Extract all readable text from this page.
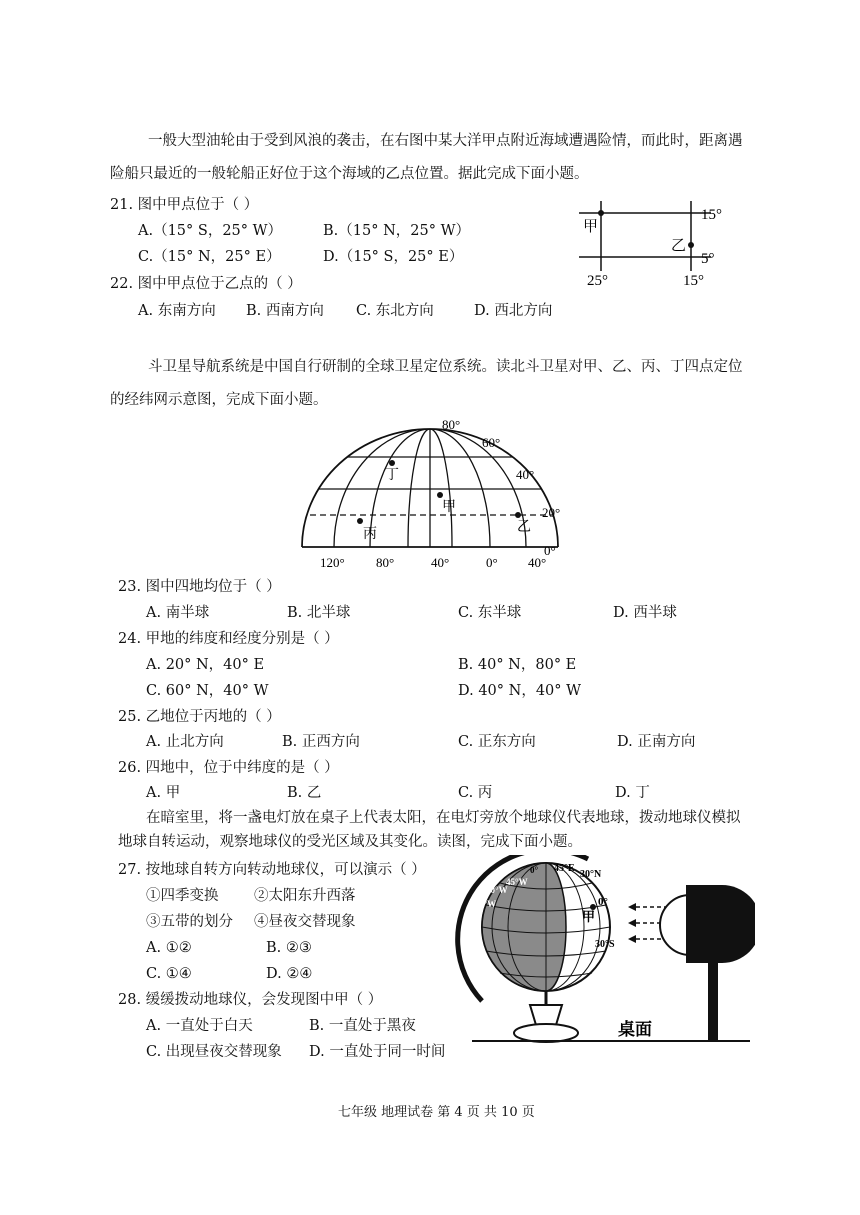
一般大型油轮由于受到风浪的袭击，在右图中某大洋甲点附近海域遭遇险情，而此时，距离遇
险船只最近的一般轮船正好位于这个海域的乙点位置。据此完成下面小题。
21. 图中甲点位于（ ）
A.（15° S，25° W）	B.（15° N，25° W）
C.（15° N，25° E）	D.（15° S，25° E）
22. 图中甲点位于乙点的（ ）
A. 东南方向 B. 西南方向 C. 东北方向	D. 西北方向
甲
乙
15°
5°
25°	15°
斗卫星导航系统是中国自行研制的全球卫星定位系统。读北斗卫星对甲、乙、丙、丁四点定位
的经纬网示意图，完成下面小题。
丁
甲
丙	乙
80°
60°
40°
20°
0°
120° 80°	40°	0° 40°
23. 图中四地均位于（ ）
A. 南半球	B. 北半球	C. 东半球	D. 西半球
24. 甲地的纬度和经度分别是（ ）
A. 20° N，40° E	B. 40° N，80° E
C. 60° N，40° W	D. 40° N，40° W
25. 乙地位于丙地的（ ）
A. 止北方向	B. 正西方向	C. 正东方向	D. 正南方向
26. 四地中，位于中纬度的是（ ）
A. 甲	B. 乙	C. 丙	D. 丁
在暗室里，将一盏电灯放在桌子上代表太阳，在电灯旁放个地球仪代表地球，拨动地球仪模拟
地球自转运动，观察地球仪的受光区域及其变化。读图，完成下面小题。
27. 按地球自转方向转动地球仪，可以演示（ ）
①四季变换 ②太阳东升西落
③五带的划分 ④昼夜交替现象
A. ①②	B. ②③
C. ①④	D. ②④
28. 缓缓拨动地球仪，会发现图中甲（ ）
A. 一直处于白天	B. 一直处于黑夜
C. 出现昼夜交替现象 D. 一直处于同一时间
45°E
30°N
45°W
0°
90°W
135°W	0°
30°S
甲
桌面
七年级 地理试卷 第 4 页 共 10 页
